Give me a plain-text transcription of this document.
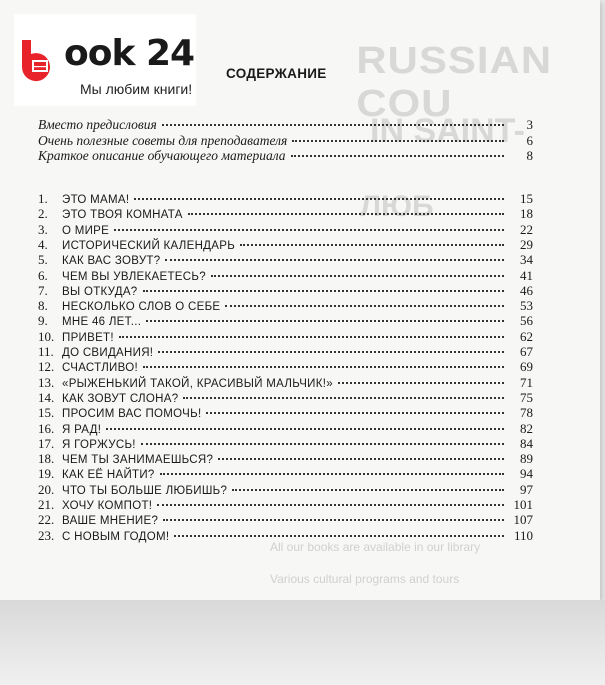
RUSSIAN COU
IN SAINT-
ЛЮБ
All our books are available in our library
Various cultural programs and tours
ook 24
Мы любим книги!
СОДЕРЖАНИЕ
Вместо предисловия	3
Очень полезные советы для преподавателя	6
Краткое описание обучающего материала	8
1.	ЭТО МАМА!	15
2.	ЭТО ТВОЯ КОМНАТА	18
3.	О МИРЕ	22
4.	ИСТОРИЧЕСКИЙ КАЛЕНДАРЬ	29
5.	КАК ВАС ЗОВУТ?	34
6.	ЧЕМ ВЫ УВЛЕКАЕТЕСЬ?	41
7.	ВЫ ОТКУДА?	46
8.	НЕСКОЛЬКО СЛОВ О СЕБЕ	53
9.	МНЕ 46 ЛЕТ...	56
10. ПРИВЕТ!	62
11. ДО СВИДАНИЯ!	67
12. СЧАСТЛИВО!	69
13. «РЫЖЕНЬКИЙ ТАКОЙ, КРАСИВЫЙ МАЛЬЧИК!»	71
14. КАК ЗОВУТ СЛОНА?	75
15. ПРОСИМ ВАС ПОМОЧЬ!	78
16. Я РАД!	82
17. Я ГОРЖУСЬ!	84
18. ЧЕМ ТЫ ЗАНИМАЕШЬСЯ?	89
19. КАК ЕЁ НАЙТИ?	94
20. ЧТО ТЫ БОЛЬШЕ ЛЮБИШЬ?	97
21. ХОЧУ КОМПОТ!	101
22. ВАШЕ МНЕНИЕ?	107
23. С НОВЫМ ГОДОМ!	110
